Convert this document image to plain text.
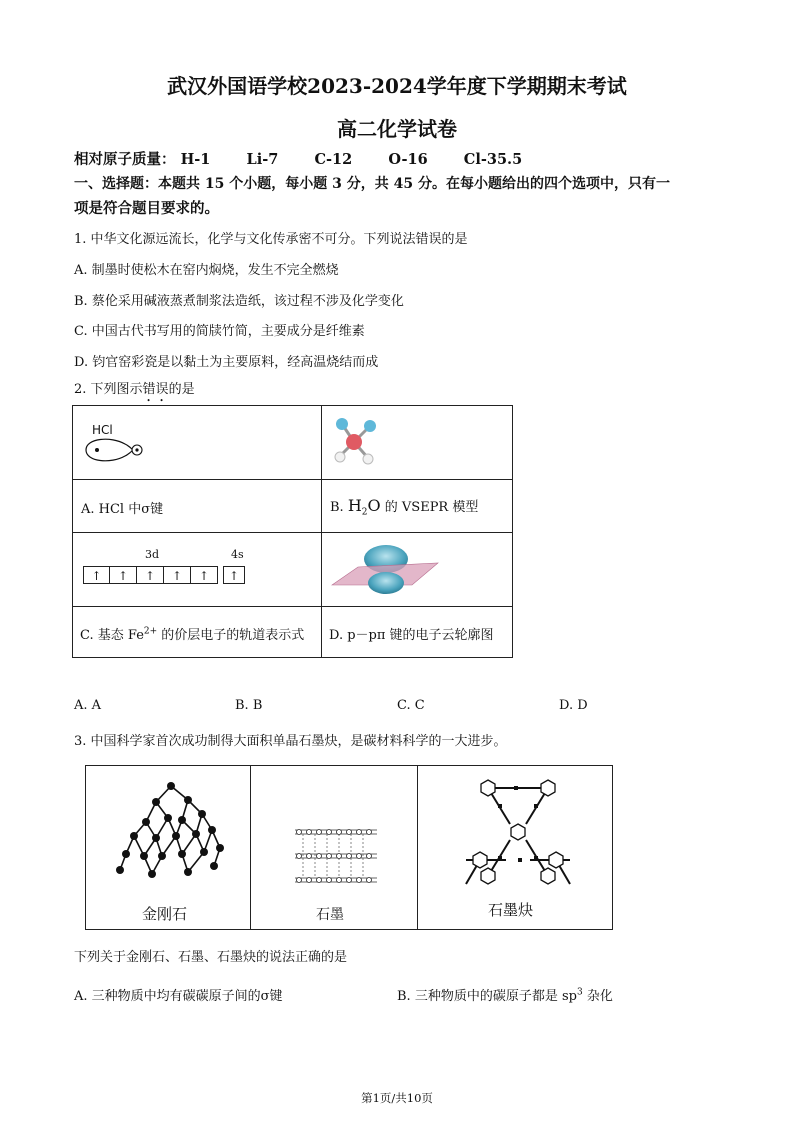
武汉外国语学校2023-2024学年度下学期期末考试
高二化学试卷
相对原子质量： H-1 Li-7 C-12 O-16 Cl-35.5
一、选择题：本题共 15 个小题，每小题 3 分，共 45 分。在每小题给出的四个选项中，只有一
项是符合题目要求的。
1. 中华文化源远流长，化学与文化传承密不可分。下列说法错误的是
A. 制墨时使松木在窑内焖烧，发生不完全燃烧
B. 蔡伦采用碱液蒸煮制浆法造纸，该过程不涉及化学变化
C. 中国古代书写用的简牍竹简，主要成分是纤维素
D. 钧官窑彩瓷是以黏土为主要原料，经高温烧结而成
2. 下列图示错误的是
HCl
A. HCl 中σ键	B. $H_2O$ 的 VSEPR 模型
3d	4s
↑	↑	↑	↑	↑	↑
C. 基态 $Fe^{2+}$ 的价层电子的轨道表示式 D. p－pπ 键的电子云轮廓图
A. A	B. B	C. C	D. D
3. 中国科学家首次成功制得大面积单晶石墨炔，是碳材料科学的一大进步。
金刚石	石墨	石墨炔
下列关于金刚石、石墨、石墨炔的说法正确的是
A. 三种物质中均有碳碳原子间的σ键	B. 三种物质中的碳原子都是 $sp^3$ 杂化
第1页/共10页
